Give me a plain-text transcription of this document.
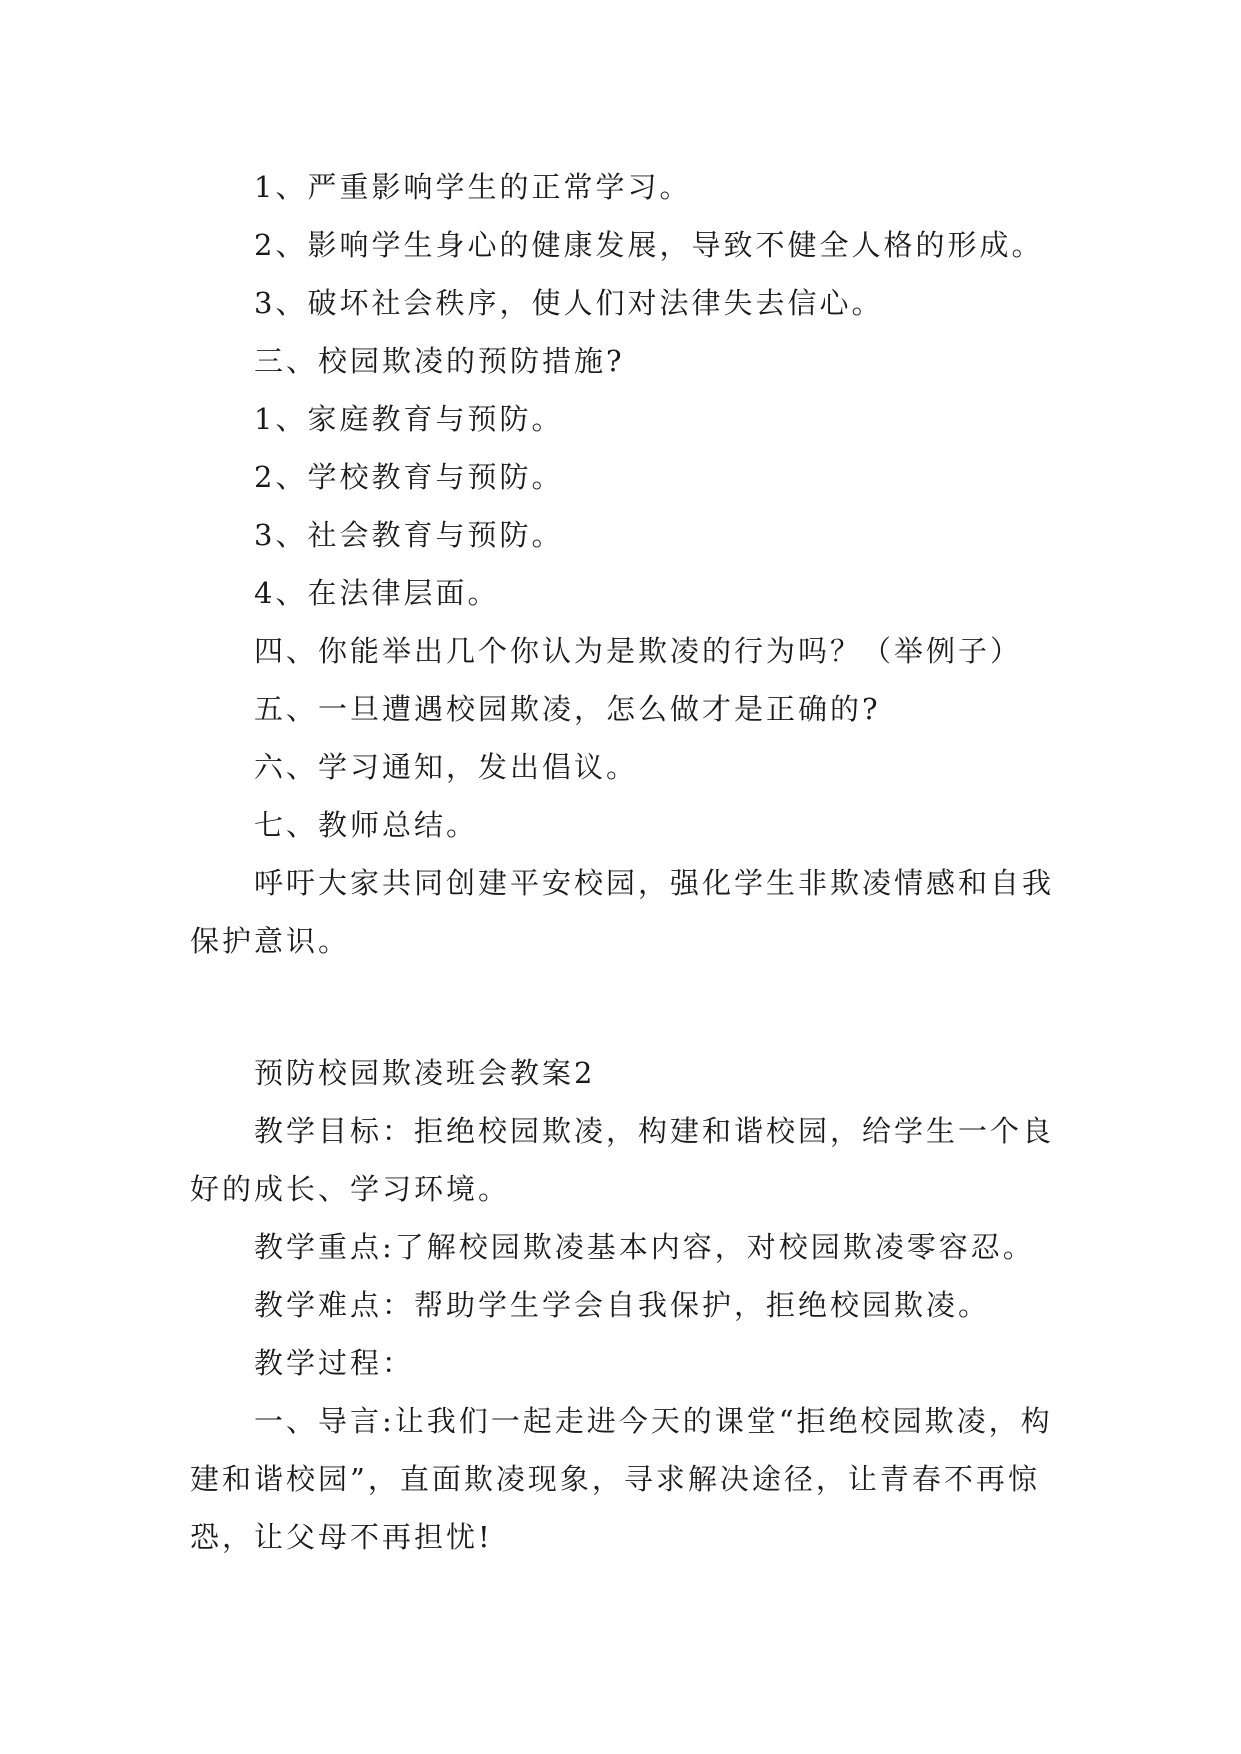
1、严重影响学生的正常学习。

2、影响学生身心的健康发展，导致不健全人格的形成。

3、破坏社会秩序，使人们对法律失去信心。

三、校园欺凌的预防措施?

1、家庭教育与预防。

2、学校教育与预防。

3、社会教育与预防。

4、在法律层面。

四、你能举出几个你认为是欺凌的行为吗？（举例子）

五、一旦遭遇校园欺凌，怎么做才是正确的?

六、学习通知，发出倡议。

七、教师总结。

呼吁大家共同创建平安校园，强化学生非欺凌情感和自我保护意识。

预防校园欺凌班会教案2

教学目标：拒绝校园欺凌，构建和谐校园，给学生一个良好的成长、学习环境。

教学重点:了解校园欺凌基本内容，对校园欺凌零容忍。

教学难点：帮助学生学会自我保护，拒绝校园欺凌。

教学过程：

一、导言:让我们一起走进今天的课堂“拒绝校园欺凌，构建和谐校园”，直面欺凌现象，寻求解决途径，让青春不再惊恐，让父母不再担忧!
